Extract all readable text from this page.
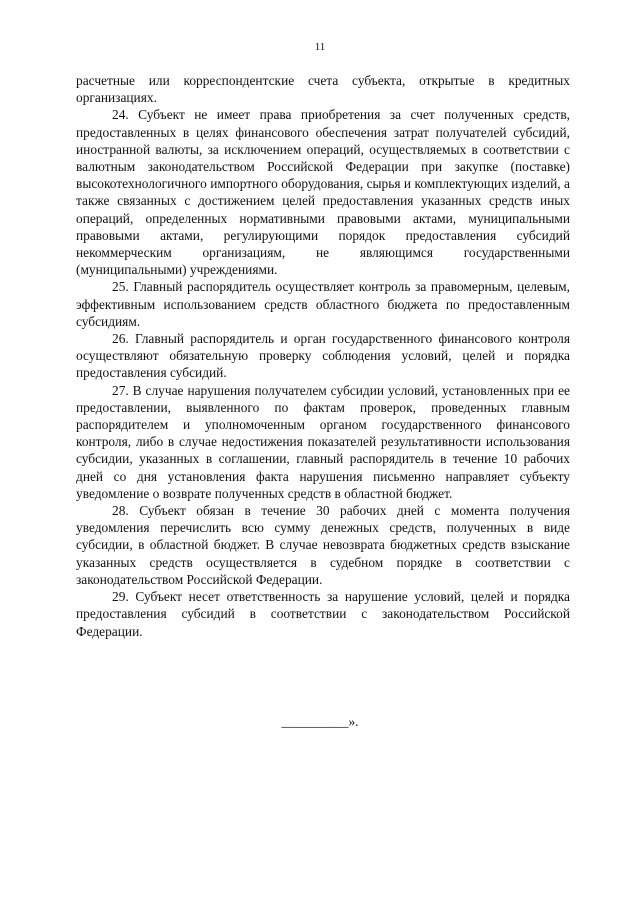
11

расчетные или корреспондентские счета субъекта, открытые в кредитных организациях.

24. Субъект не имеет права приобретения за счет полученных средств, предоставленных в целях финансового обеспечения затрат получателей субсидий, иностранной валюты, за исключением операций, осуществляемых в соответствии с валютным законодательством Российской Федерации при закупке (поставке) высокотехнологичного импортного оборудования, сырья и комплектующих изделий, а также связанных с достижением целей предоставления указанных средств иных операций, определенных нормативными правовыми актами, муниципальными правовыми актами, регулирующими порядок предоставления субсидий некоммерческим организациям, не являющимся государственными (муниципальными) учреждениями.

25. Главный распорядитель осуществляет контроль за правомерным, целевым, эффективным использованием средств областного бюджета по предоставленным субсидиям.

26. Главный распорядитель и орган государственного финансового контроля осуществляют обязательную проверку соблюдения условий, целей и порядка предоставления субсидий.

27. В случае нарушения получателем субсидии условий, установленных при ее предоставлении, выявленного по фактам проверок, проведенных главным распорядителем и уполномоченным органом государственного финансового контроля, либо в случае недостижения показателей результативности использования субсидии, указанных в соглашении, главный распорядитель в течение 10 рабочих дней со дня установления факта нарушения письменно направляет субъекту уведомление о возврате полученных средств в областной бюджет.

28. Субъект обязан в течение 30 рабочих дней с момента получения уведомления перечислить всю сумму денежных средств, полученных в виде субсидии, в областной бюджет. В случае невозврата бюджетных средств взыскание указанных средств осуществляется в судебном порядке в соответствии с законодательством Российской Федерации.

29. Субъект несет ответственность за нарушение условий, целей и порядка предоставления субсидий в соответствии с законодательством Российской Федерации.

__________».
